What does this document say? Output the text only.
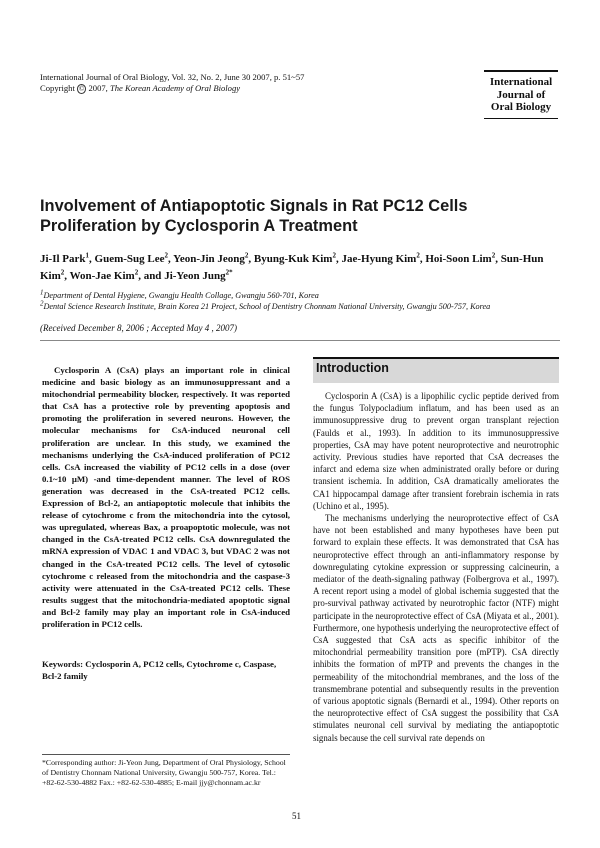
International Journal of Oral Biology, Vol. 32, No. 2, June 30 2007, p. 51~57
Copyright © 2007, The Korean Academy of Oral Biology	International
Journal of
Oral Biology
Involvement of Antiapoptotic Signals in Rat PC12 Cells Proliferation by Cyclosporin A Treatment
Ji-Il Park$^1$, Guem-Sug Lee$^2$, Yeon-Jin Jeong$^2$, Byung-Kuk Kim$^2$, Jae-Hyung Kim$^2$, Hoi-Soon Lim$^2$, Sun-Hun Kim$^2$, Won-Jae Kim$^2$, and Ji-Yeon Jung$^{2*}$
$^1$Department of Dental Hygiene, Gwangju Health Collage, Gwangju 560-701, Korea
$^2$Dental Science Research Institute, Brain Korea 21 Project, School of Dentistry Chonnam National University, Gwangju 500-757, Korea
(Received December 8, 2006 ; Accepted May 4 , 2007)
Cyclosporin A (CsA) plays an important role in clinical medicine and basic biology as an immunosuppressant and a mitochondrial permeability blocker, respectively. It was reported that CsA has a protective role by preventing apoptosis and promoting the proliferation in severed neurons. However, the molecular mechanisms for CsA-induced neuronal cell proliferation are unclear. In this study, we examined the mechanisms underlying the CsA-induced proliferation of PC12 cells. CsA increased the viability of PC12 cells in a dose (over 0.1~10 μM) -and time-dependent manner. The level of ROS generation was decreased in the CsA-treated PC12 cells. Expression of Bcl-2, an antiapoptotic molecule that inhibits the release of cytochrome c from the mitochondria into the cytosol, was upregulated, whereas Bax, a proapoptotic molecule, was not changed in the CsA-treated PC12 cells. CsA downregulated the mRNA expression of VDAC 1 and VDAC 3, but VDAC 2 was not changed in the CsA-treated PC12 cells. The level of cytosolic cytochrome c released from the mitochondria and the caspase-3 activity were attenuated in the CsA-treated PC12 cells. These results suggest that the mitochondria-mediated apoptotic signal and Bcl-2 family may play an important role in CsA-induced proliferation in PC12 cells.
Keywords: Cyclosporin A, PC12 cells, Cytochrome c, Caspase, Bcl-2 family
*Corresponding author: Ji-Yeon Jung, Department of Oral Physiology, School of Dentistry Chonnam National University, Gwangju 500-757, Korea. Tel.: +82-62-530-4882 Fax.: +82-62-530-4885; E-mail jjy@chonnam.ac.kr
Introduction

Cyclosporin A (CsA) is a lipophilic cyclic peptide derived from the fungus Tolypocladium inflatum, and has been used as an immunosuppressive drug to prevent organ transplant rejection (Faulds et al., 1993). In addition to its immunosuppressive properties, CsA may have potent neuroprotective and neurotrophic activity. Previous studies have reported that CsA decreases the infarct and edema size when administrated orally before or during transient ischemia. In addition, CsA dramatically ameliorates the CA1 hippocampal damage after transient forebrain ischemia in rats (Uchino et al., 1995).

The mechanisms underlying the neuroprotective effect of CsA have not been established and many hypotheses have been put forward to explain these effects. It was demonstrated that CsA has neuroprotective effect through an anti-inflammatory response by downregulating cytokine expression or suppressing calcineurin, a mediator of the death-signaling pathway (Folbergrova et al., 1997). A recent report using a model of global ischemia suggested that the pro-survival pathway activated by neurotrophic factor (NTF) might participate in the neuroprotective effect of CsA (Miyata et al., 2001). Furthermore, one hypothesis underlying the neuroprotective effect of CsA suggested that CsA acts as specific inhibitor of the mitochondrial permeability transition pore (mPTP). CsA directly inhibits the formation of mPTP and prevents the changes in the permeability of the mitochondrial membranes, and the loss of the transmembrane potential and subsequently results in the prevention of various apoptotic signals (Bernardi et al., 1994). Other reports on the neuroprotective effect of CsA suggest the possibility that CsA stimulates neuronal cell survival by mediating the antiapoptotic signals because the cell survival rate depends on

51
